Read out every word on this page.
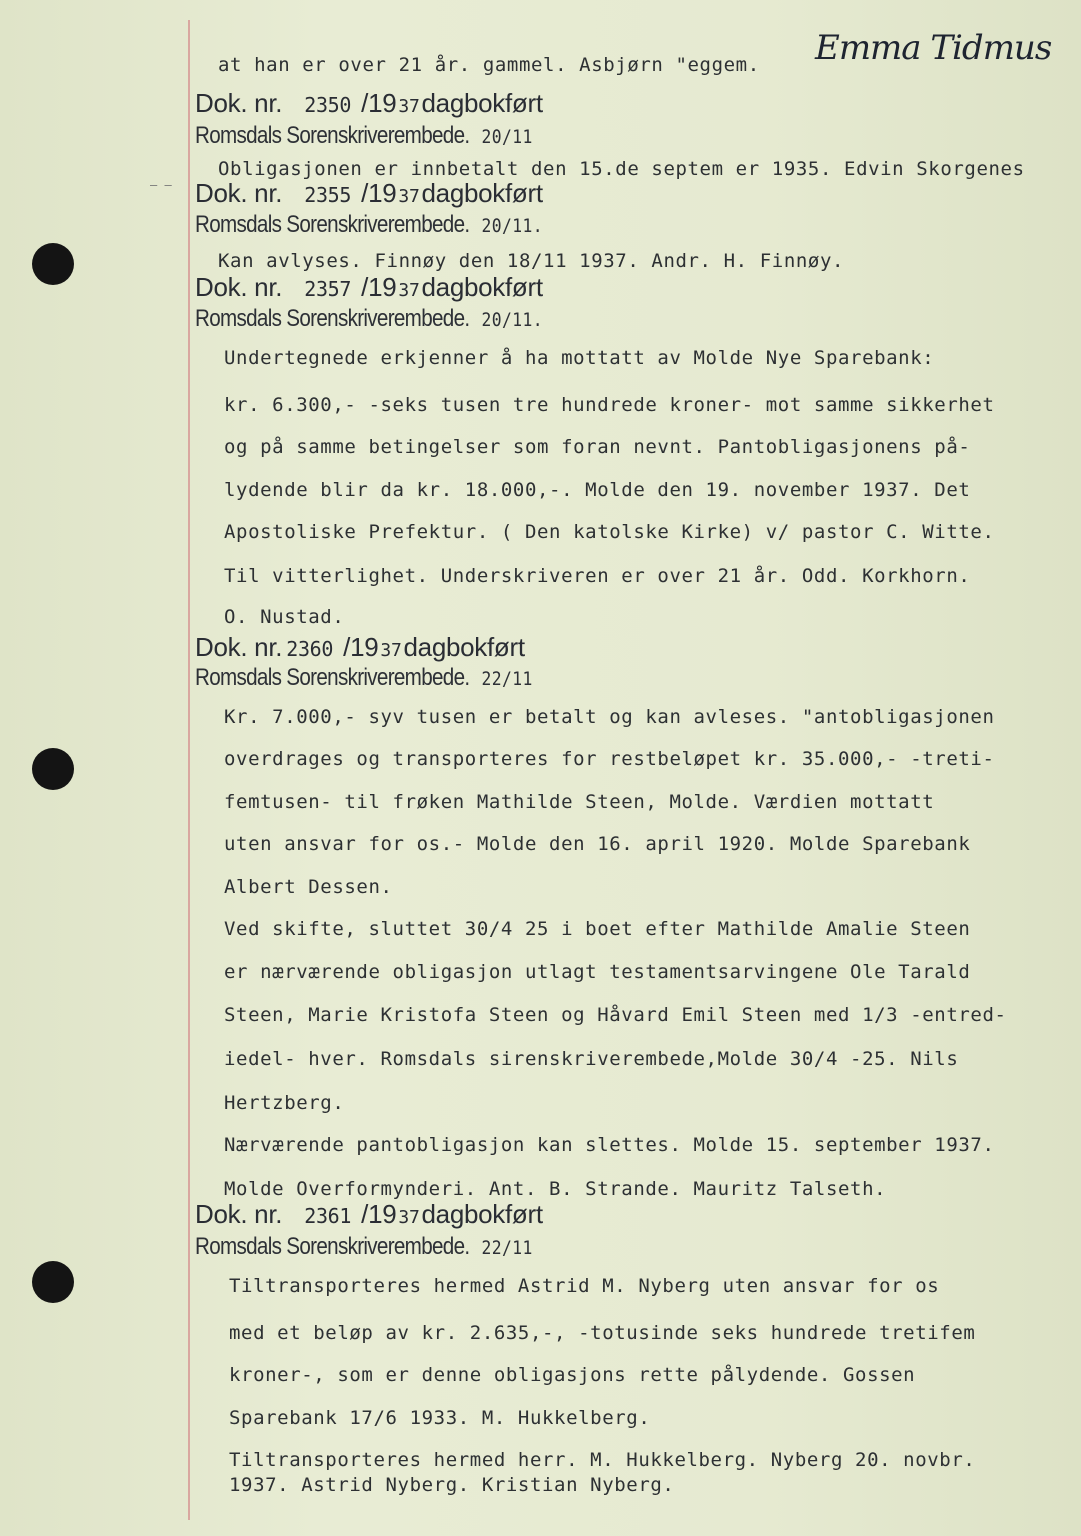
– –
at han er over 21 år. gammel. Asbjørn "eggem. Emma Tidmus
Dok. nr. 2350 /19 37dagbokført
Romsdals Sorenskriverembede. 20/11
Obligasjonen er innbetalt den 15.de septem er 1935. Edvin Skorgenes
Dok. nr. 2355 /19 37dagbokført
Romsdals Sorenskriverembede. 20/11.
Kan avlyses. Finnøy den 18/11 1937. Andr. H. Finnøy.
Dok. nr. 2357 /19 37dagbokført
Romsdals Sorenskriverembede. 20/11.
Undertegnede erkjenner å ha mottatt av Molde Nye Sparebank:
kr. 6.300,- -seks tusen tre hundrede kroner- mot samme sikkerhet
og på samme betingelser som foran nevnt. Pantobligasjonens på-
lydende blir da kr. 18.000,-. Molde den 19. november 1937. Det
Apostoliske Prefektur. ( Den katolske Kirke) v/ pastor C. Witte.
Til vitterlighet. Underskriveren er over 21 år. Odd. Korkhorn.
O. Nustad.
Dok. nr. 2360 /19 37dagbokført
Romsdals Sorenskriverembede. 22/11
Kr. 7.000,- syv tusen er betalt og kan avleses. "antobligasjonen
overdrages og transporteres for restbeløpet kr. 35.000,- -treti-
femtusen- til frøken Mathilde Steen, Molde. Værdien mottatt
uten ansvar for os.- Molde den 16. april 1920. Molde Sparebank
Albert Dessen.
Ved skifte, sluttet 30/4 25 i boet efter Mathilde Amalie Steen
er nærværende obligasjon utlagt testamentsarvingene Ole Tarald
Steen, Marie Kristofa Steen og Håvard Emil Steen med 1/3 -entred-
iedel- hver. Romsdals sirenskriverembede,Molde 30/4 -25. Nils
Hertzberg.
Nærværende pantobligasjon kan slettes. Molde 15. september 1937.
Molde Overformynderi. Ant. B. Strande. Mauritz Talseth.
Dok. nr. 2361 /19 37dagbokført
Romsdals Sorenskriverembede. 22/11
Tiltransporteres hermed Astrid M. Nyberg uten ansvar for os
med et beløp av kr. 2.635,-, -totusinde seks hundrede tretifem
kroner-, som er denne obligasjons rette pålydende. Gossen
Sparebank 17/6 1933. M. Hukkelberg.
Tiltransporteres hermed herr. M. Hukkelberg. Nyberg 20. novbr.
1937. Astrid Nyberg. Kristian Nyberg.
